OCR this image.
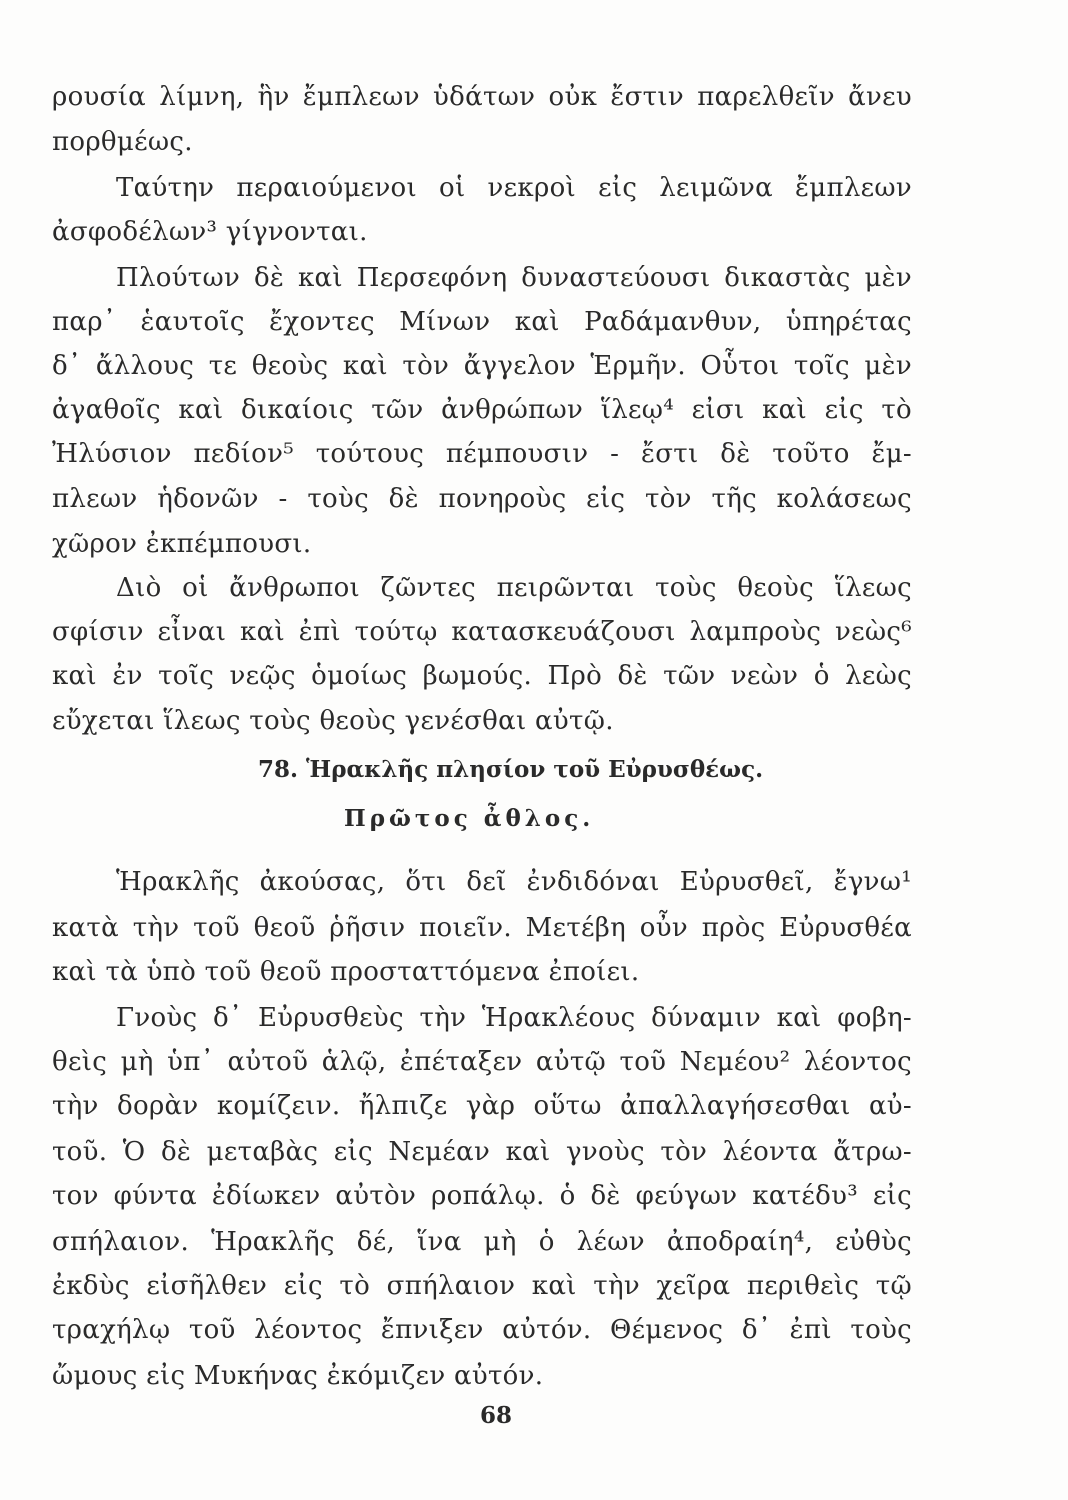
ρουσία λίμνη, ἣν ἔμπλεων ὑδάτων οὐκ ἔστιν παρελθεῖν ἄνευ
πορθμέως.
Ταύτην περαιούμενοι οἱ νεκροὶ εἰς λειμῶνα ἔμπλεων
ἀσφοδέλων³ γίγνονται.
Πλούτων δὲ καὶ Περσεφόνη δυναστεύουσι δικαστὰς μὲν
παρ᾽ ἑαυτοῖς ἔχοντες Μίνων καὶ Ραδάμανθυν, ὑπηρέτας
δ᾽ ἄλλους τε θεοὺς καὶ τὸν ἄγγελον Ἑρμῆν. Οὗτοι τοῖς μὲν
ἀγαθοῖς καὶ δικαίοις τῶν ἀνθρώπων ἵλεῳ⁴ εἰσι καὶ εἰς τὸ
Ἠλύσιον πεδίον⁵ τούτους πέμπουσιν - ἔστι δὲ τοῦτο ἔμ-
πλεων ἡδονῶν - τοὺς δὲ πονηροὺς εἰς τὸν τῆς κολάσεως
χῶρον ἐκπέμπουσι.
Διὸ οἱ ἄνθρωποι ζῶντες πειρῶνται τοὺς θεοὺς ἵλεως
σφίσιν εἶναι καὶ ἐπὶ τούτῳ κατασκευάζουσι λαμπροὺς νεὼς⁶
καὶ ἐν τοῖς νεῷς ὁμοίως βωμούς. Πρὸ δὲ τῶν νεὼν ὁ λεὼς
εὔχεται ἵλεως τοὺς θεοὺς γενέσθαι αὐτῷ.
78. Ἡρακλῆς πλησίον τοῦ Εὐρυσθέως.
Πρῶτος ἆθλος.
Ἡρακλῆς ἀκούσας, ὅτι δεῖ ἐνδιδόναι Εὐρυσθεῖ, ἔγνω¹
κατὰ τὴν τοῦ θεοῦ ῥῆσιν ποιεῖν. Μετέβη οὖν πρὸς Εὐρυσθέα
καὶ τὰ ὑπὸ τοῦ θεοῦ προσταττόμενα ἐποίει.
Γνοὺς δ᾽ Εὐρυσθεὺς τὴν Ἡρακλέους δύναμιν καὶ φοβη-
θεὶς μὴ ὑπ᾽ αὐτοῦ ἁλῷ, ἐπέταξεν αὐτῷ τοῦ Νεμέου² λέοντος
τὴν δορὰν κομίζειν. ἤλπιζε γὰρ οὕτω ἀπαλλαγήσεσθαι αὐ-
τοῦ. Ὁ δὲ μεταβὰς εἰς Νεμέαν καὶ γνοὺς τὸν λέοντα ἄτρω-
τον φύντα ἐδίωκεν αὐτὸν ροπάλῳ. ὁ δὲ φεύγων κατέδυ³ εἰς
σπήλαιον. Ἡρακλῆς δέ, ἵνα μὴ ὁ λέων ἀποδραίη⁴, εὐθὺς
ἐκδὺς εἰσῆλθεν εἰς τὸ σπήλαιον καὶ τὴν χεῖρα περιθεὶς τῷ
τραχήλῳ τοῦ λέοντος ἔπνιξεν αὐτόν. Θέμενος δ᾽ ἐπὶ τοὺς
ὤμους εἰς Μυκήνας ἐκόμιζεν αὐτόν.
68
